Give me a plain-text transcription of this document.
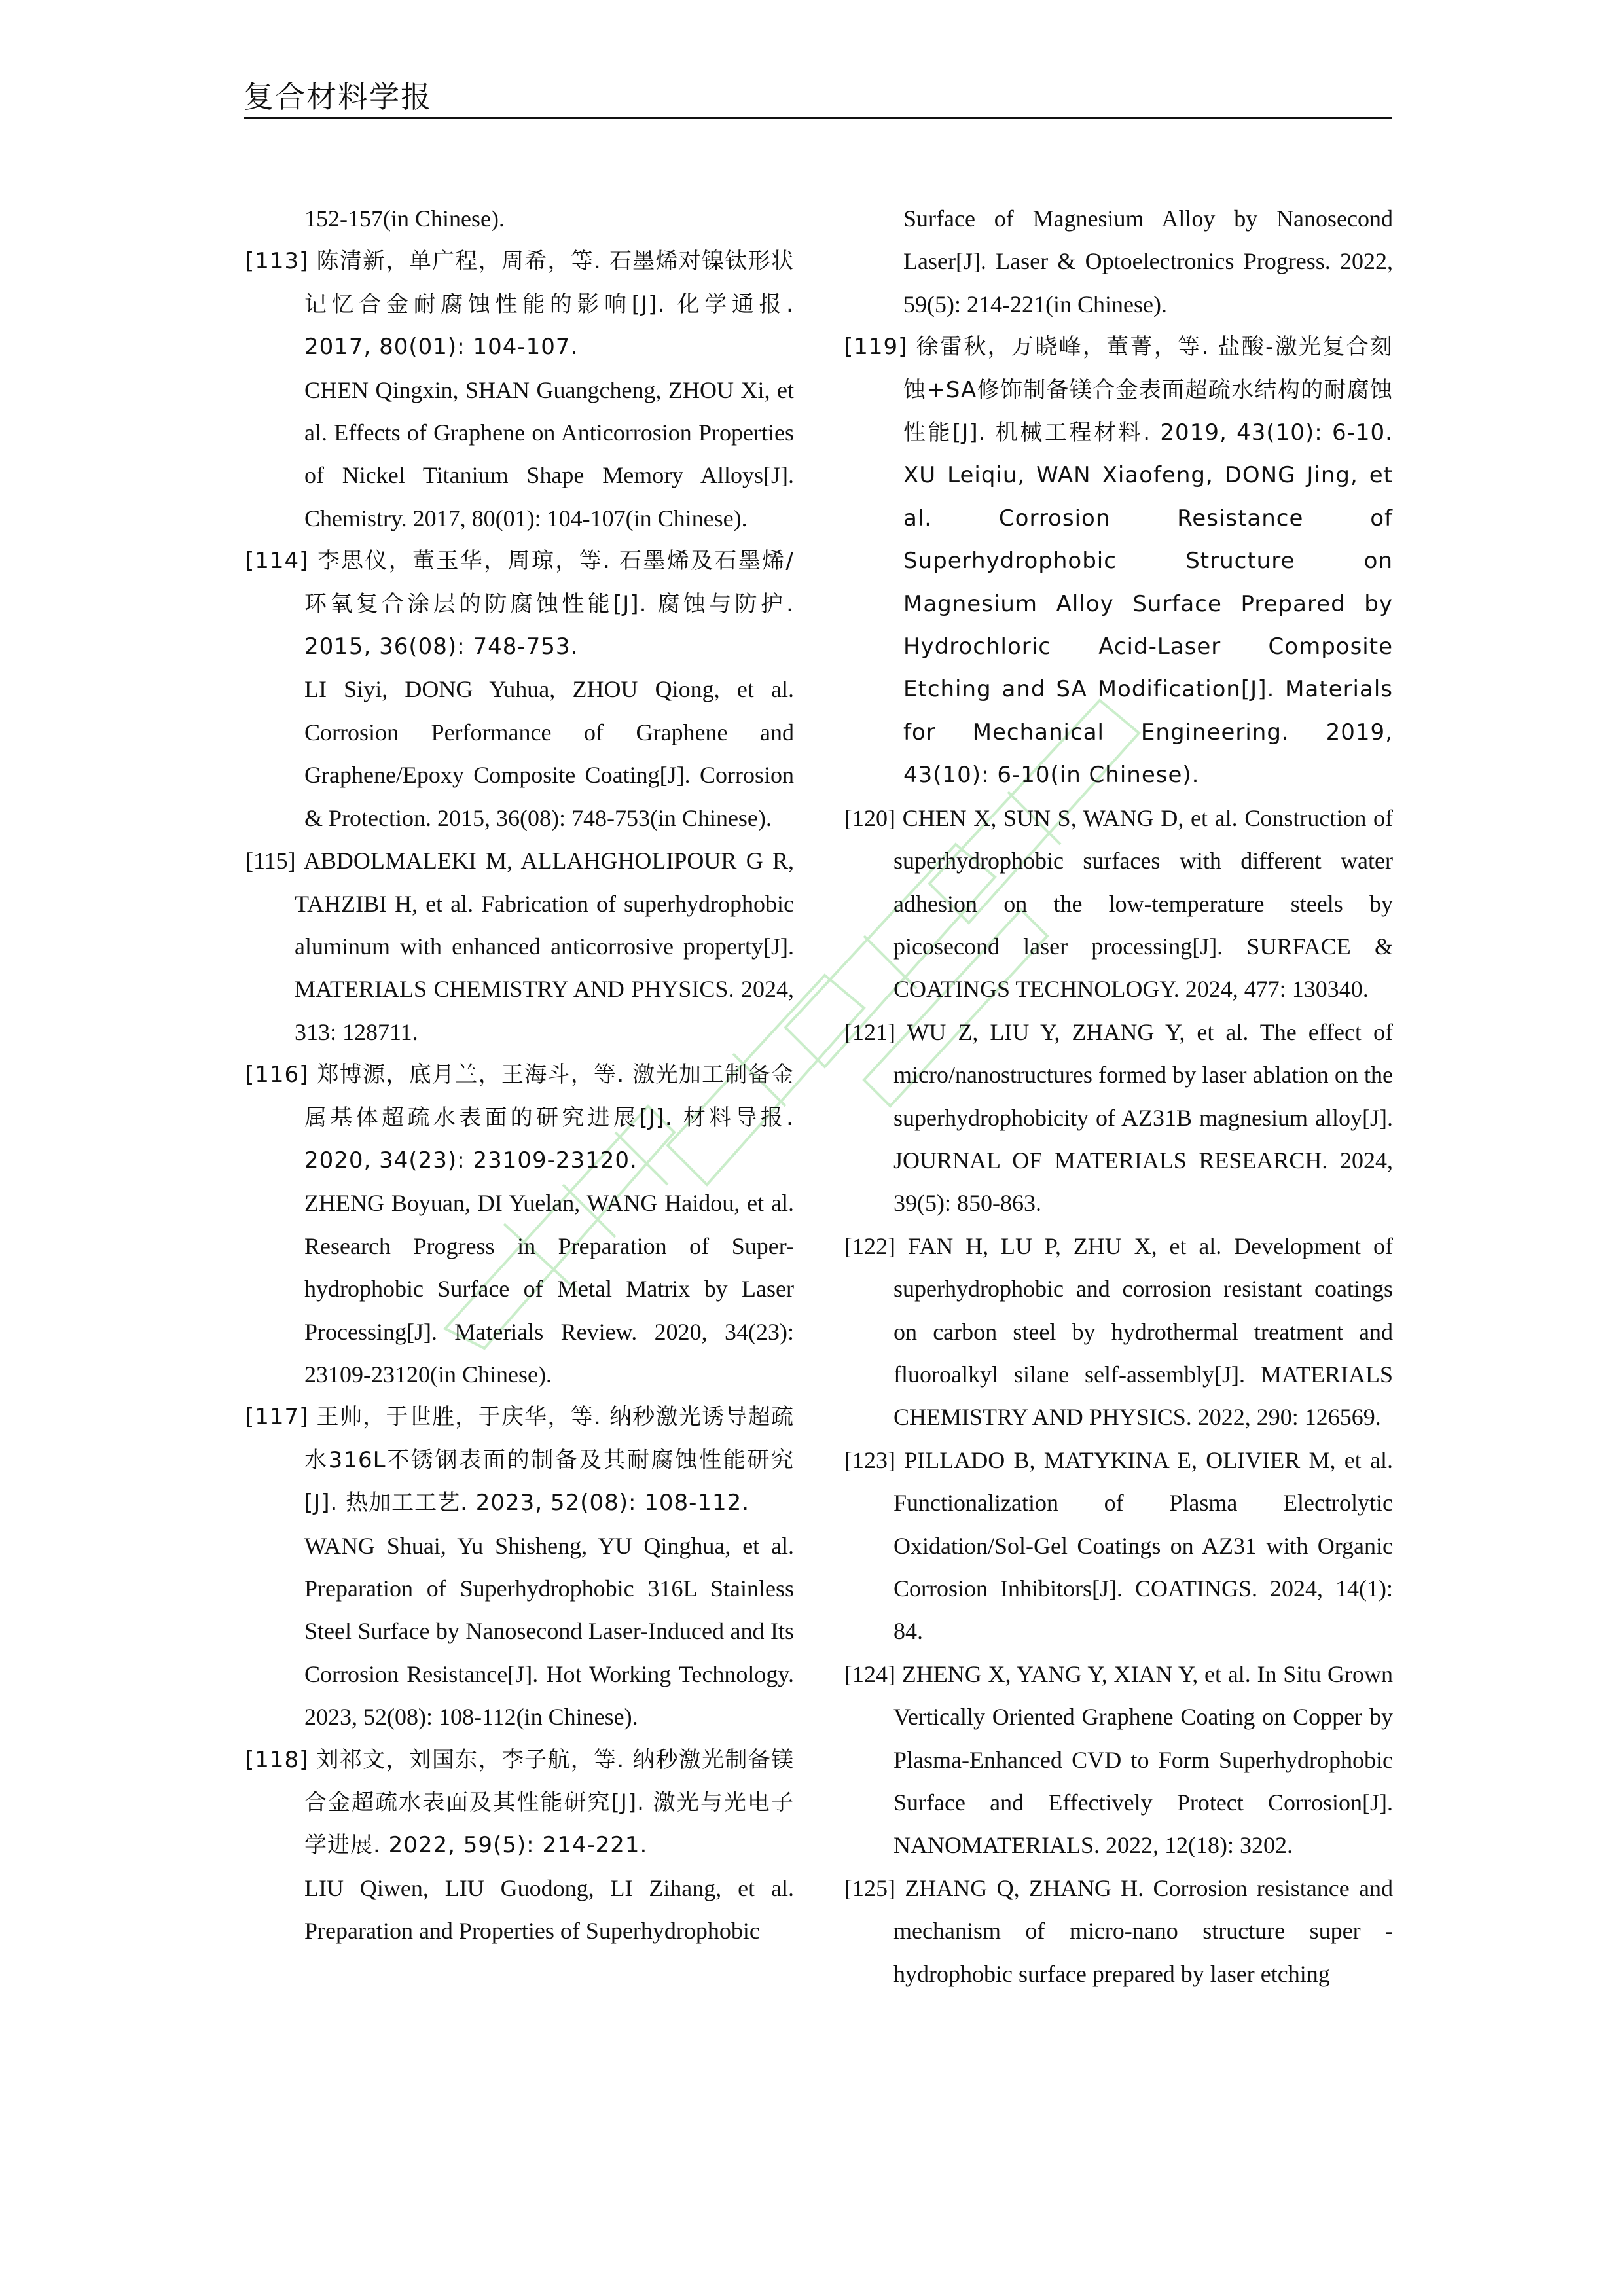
复合材料学报

152-157(in Chinese).

[113] 陈清新，单广程，周希，等. 石墨烯对镍钛形状记忆合金耐腐蚀性能的影响[J]. 化学通报. 2017, 80(01): 104-107.

CHEN Qingxin, SHAN Guangcheng, ZHOU Xi, et al. Effects of Graphene on Anticorrosion Properties of Nickel Titanium Shape Memory Alloys[J]. Chemistry. 2017, 80(01): 104-107(in Chinese).

[114] 李思仪，董玉华，周琼，等. 石墨烯及石墨烯/环氧复合涂层的防腐蚀性能[J]. 腐蚀与防护. 2015, 36(08): 748-753.

LI Siyi, DONG Yuhua, ZHOU Qiong, et al. Corrosion Performance of Graphene and Graphene/Epoxy Composite Coating[J]. Corrosion & Protection. 2015, 36(08): 748-753(in Chinese).

[115] ABDOLMALEKI M, ALLAHGHOLIPOUR G R, TAHZIBI H, et al. Fabrication of superhydrophobic aluminum with enhanced anticorrosive property[J]. MATERIALS CHEMISTRY AND PHYSICS. 2024, 313: 128711.

[116] 郑博源，底月兰，王海斗，等. 激光加工制备金属基体超疏水表面的研究进展[J]. 材料导报. 2020, 34(23): 23109-23120.

ZHENG Boyuan, DI Yuelan, WANG Haidou, et al. Research Progress in Preparation of Super-hydrophobic Surface of Metal Matrix by Laser Processing[J]. Materials Review. 2020, 34(23): 23109-23120(in Chinese).

[117] 王帅，于世胜，于庆华，等. 纳秒激光诱导超疏水316L不锈钢表面的制备及其耐腐蚀性能研究[J]. 热加工工艺. 2023, 52(08): 108-112.

WANG Shuai, Yu Shisheng, YU Qinghua, et al. Preparation of Superhydrophobic 316L Stainless Steel Surface by Nanosecond Laser-Induced and Its Corrosion Resistance[J]. Hot Working Technology. 2023, 52(08): 108-112(in Chinese).

[118] 刘祁文，刘国东，李子航，等. 纳秒激光制备镁合金超疏水表面及其性能研究[J]. 激光与光电子学进展. 2022, 59(5): 214-221.

LIU Qiwen, LIU Guodong, LI Zihang, et al. Preparation and Properties of Superhydrophobic

Surface of Magnesium Alloy by Nanosecond Laser[J]. Laser & Optoelectronics Progress. 2022, 59(5): 214-221(in Chinese).

[119] 徐雷秋，万晓峰，董菁，等. 盐酸-激光复合刻蚀+SA修饰制备镁合金表面超疏水结构的耐腐蚀性能[J]. 机械工程材料. 2019, 43(10): 6-10. XU Leiqiu, WAN Xiaofeng, DONG Jing, et al. Corrosion Resistance of Superhydrophobic Structure on Magnesium Alloy Surface Prepared by Hydrochloric Acid-Laser Composite Etching and SA Modification[J]. Materials for Mechanical Engineering. 2019, 43(10): 6-10(in Chinese).

[120] CHEN X, SUN S, WANG D, et al. Construction of superhydrophobic surfaces with different water adhesion on the low-temperature steels by picosecond laser processing[J]. SURFACE & COATINGS TECHNOLOGY. 2024, 477: 130340.

[121] WU Z, LIU Y, ZHANG Y, et al. The effect of micro/nanostructures formed by laser ablation on the superhydrophobicity of AZ31B magnesium alloy[J]. JOURNAL OF MATERIALS RESEARCH. 2024, 39(5): 850-863.

[122] FAN H, LU P, ZHU X, et al. Development of superhydrophobic and corrosion resistant coatings on carbon steel by hydrothermal treatment and fluoroalkyl silane self-assembly[J]. MATERIALS CHEMISTRY AND PHYSICS. 2022, 290: 126569.

[123] PILLADO B, MATYKINA E, OLIVIER M, et al. Functionalization of Plasma Electrolytic Oxidation/Sol-Gel Coatings on AZ31 with Organic Corrosion Inhibitors[J]. COATINGS. 2024, 14(1): 84.

[124] ZHENG X, YANG Y, XIAN Y, et al. In Situ Grown Vertically Oriented Graphene Coating on Copper by Plasma-Enhanced CVD to Form Superhydrophobic Surface and Effectively Protect Corrosion[J]. NANOMATERIALS. 2022, 12(18): 3202.

[125] ZHANG Q, ZHANG H. Corrosion resistance and mechanism of micro-nano structure super - hydrophobic surface prepared by laser etching
